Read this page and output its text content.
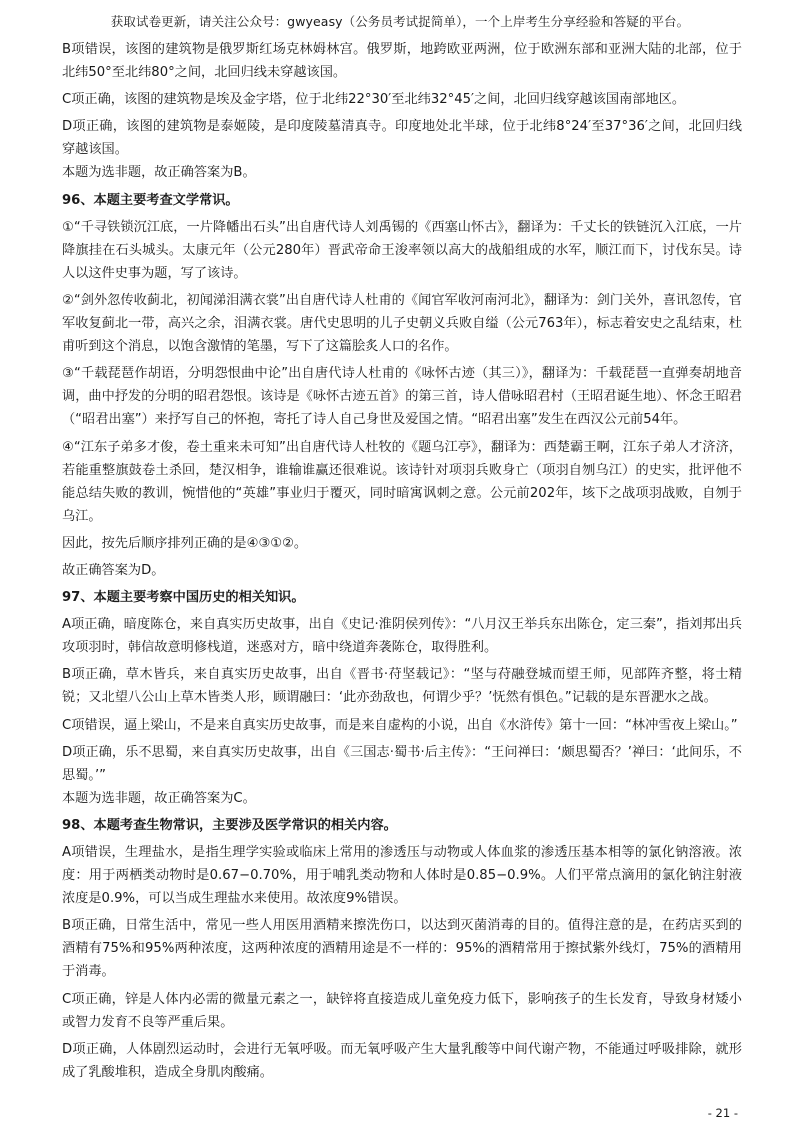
获取试卷更新，请关注公众号：gwyeasy（公务员考试捉简单），一个上岸考生分享经验和答疑的平台。

B项错误，该图的建筑物是俄罗斯红场克林姆林宫。俄罗斯，地跨欧亚两洲，位于欧洲东部和亚洲大陆的北部，位于北纬50°至北纬80°之间，北回归线未穿越该国。

C项正确，该图的建筑物是埃及金字塔，位于北纬22°30′至北纬32°45′之间，北回归线穿越该国南部地区。

D项正确，该图的建筑物是泰姬陵，是印度陵墓清真寺。印度地处北半球，位于北纬8°24′至37°36′之间，北回归线穿越该国。

本题为选非题，故正确答案为B。

96、本题主要考查文学常识。

①“千寻铁锁沉江底，一片降幡出石头”出自唐代诗人刘禹锡的《西塞山怀古》，翻译为：千丈长的铁链沉入江底，一片降旗挂在石头城头。太康元年（公元280年）晋武帝命王浚率领以高大的战船组成的水军，顺江而下，讨伐东吴。诗人以这件史事为题，写了该诗。

②“剑外忽传收蓟北，初闻涕泪满衣裳”出自唐代诗人杜甫的《闻官军收河南河北》，翻译为：剑门关外，喜讯忽传，官军收复蓟北一带，高兴之余，泪满衣裳。唐代史思明的儿子史朝义兵败自缢（公元763年），标志着安史之乱结束，杜甫听到这个消息，以饱含激情的笔墨，写下了这篇脍炙人口的名作。

③“千载琵琶作胡语，分明怨恨曲中论”出自唐代诗人杜甫的《咏怀古迹（其三）》，翻译为：千载琵琶一直弹奏胡地音调，曲中抒发的分明的昭君怨恨。该诗是《咏怀古迹五首》的第三首，诗人借咏昭君村（王昭君诞生地）、怀念王昭君（“昭君出塞”）来抒写自己的怀抱，寄托了诗人自己身世及爱国之情。“昭君出塞”发生在西汉公元前54年。

④“江东子弟多才俊，卷土重来未可知”出自唐代诗人杜牧的《题乌江亭》，翻译为：西楚霸王啊，江东子弟人才济济，若能重整旗鼓卷土杀回，楚汉相争，谁输谁赢还很难说。该诗针对项羽兵败身亡（项羽自刎乌江）的史实，批评他不能总结失败的教训，惋惜他的“英雄”事业归于覆灭，同时暗寓讽刺之意。公元前202年，垓下之战项羽战败，自刎于乌江。

因此，按先后顺序排列正确的是④③①②。

故正确答案为D。

97、本题主要考察中国历史的相关知识。

A项正确，暗度陈仓，来自真实历史故事，出自《史记·淮阴侯列传》：“八月汉王举兵东出陈仓，定三秦”，指刘邦出兵攻项羽时，韩信故意明修栈道，迷惑对方，暗中绕道奔袭陈仓，取得胜利。

B项正确，草木皆兵，来自真实历史故事，出自《晋书·苻坚载记》：“坚与苻融登城而望王师，见部阵齐整，将士精锐；又北望八公山上草木皆类人形，顾谓融曰：‘此亦劲敌也，何谓少乎？’怃然有惧色。”记载的是东晋淝水之战。

C项错误，逼上梁山，不是来自真实历史故事，而是来自虚构的小说，出自《水浒传》第十一回：“林冲雪夜上梁山。”

D项正确，乐不思蜀，来自真实历史故事，出自《三国志·蜀书·后主传》：“王问禅曰：‘颇思蜀否？’禅曰：‘此间乐，不思蜀。’”

本题为选非题，故正确答案为C。

98、本题考查生物常识，主要涉及医学常识的相关内容。

A项错误，生理盐水，是指生理学实验或临床上常用的渗透压与动物或人体血浆的渗透压基本相等的氯化钠溶液。浓度：用于两栖类动物时是0.67−0.70%，用于哺乳类动物和人体时是0.85−0.9%。人们平常点滴用的氯化钠注射液浓度是0.9%，可以当成生理盐水来使用。故浓度9%错误。

B项正确，日常生活中，常见一些人用医用酒精来擦洗伤口，以达到灭菌消毒的目的。值得注意的是，在药店买到的酒精有75%和95%两种浓度，这两种浓度的酒精用途是不一样的：95%的酒精常用于擦拭紫外线灯，75%的酒精用于消毒。

C项正确，锌是人体内必需的微量元素之一，缺锌将直接造成儿童免疫力低下，影响孩子的生长发育，导致身材矮小或智力发育不良等严重后果。

D项正确，人体剧烈运动时，会进行无氧呼吸。而无氧呼吸产生大量乳酸等中间代谢产物，不能通过呼吸排除，就形成了乳酸堆积，造成全身肌肉酸痛。

- 21 -
